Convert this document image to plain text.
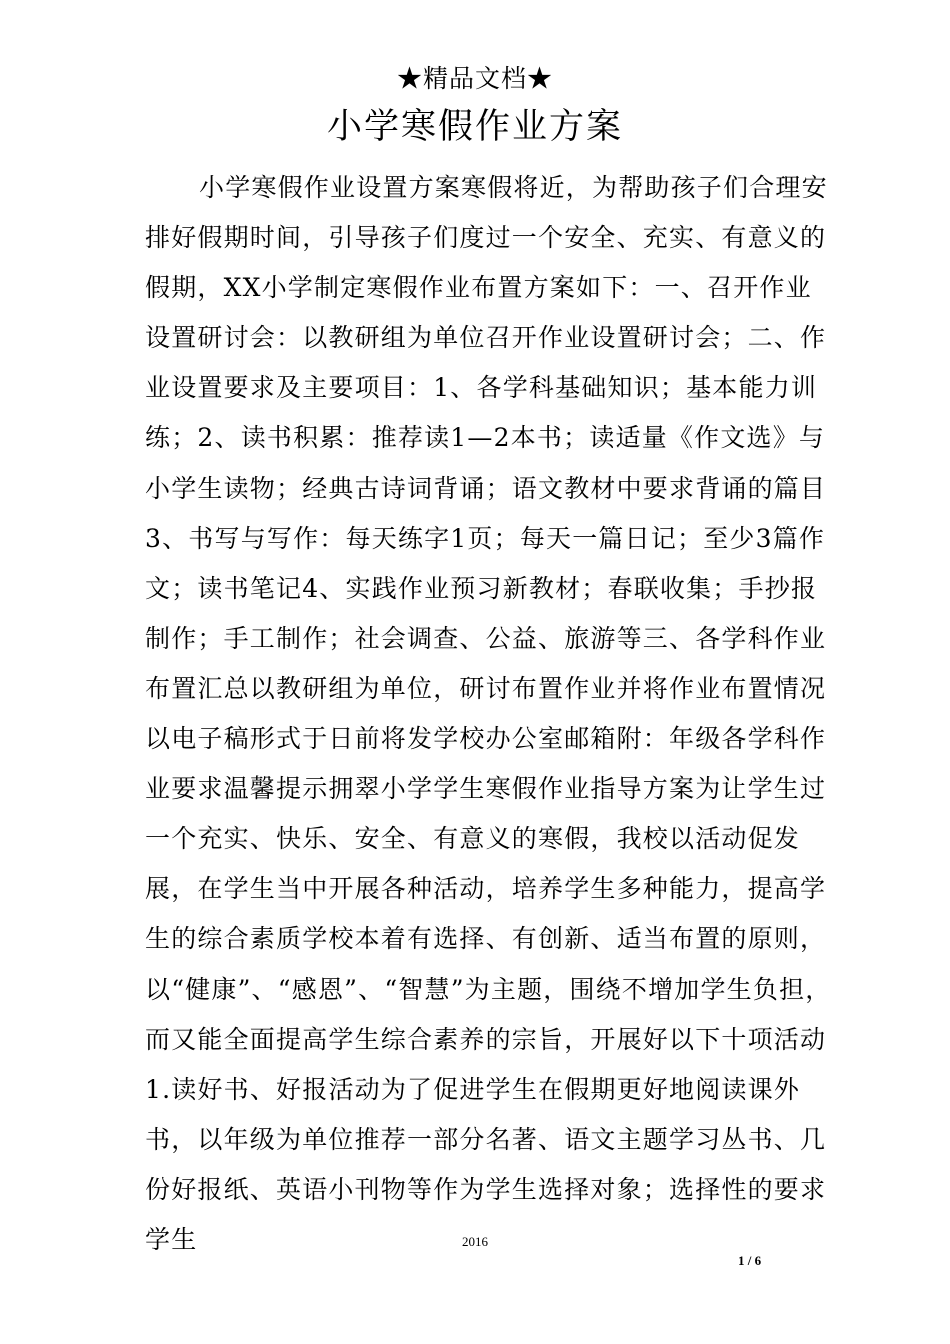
★精品文档★
小学寒假作业方案

小学寒假作业设置方案寒假将近，为帮助孩子们合理安排好假期时间，引导孩子们度过一个安全、充实、有意义的假期，XX小学制定寒假作业布置方案如下：一、召开作业设置研讨会：以教研组为单位召开作业设置研讨会；二、作业设置要求及主要项目：1、各学科基础知识；基本能力训练；2、读书积累：推荐读1—2本书；读适量《作文选》与小学生读物；经典古诗词背诵；语文教材中要求背诵的篇目3、书写与写作：每天练字1页；每天一篇日记；至少3篇作文；读书笔记4、实践作业预习新教材；春联收集；手抄报制作；手工制作；社会调查、公益、旅游等三、各学科作业布置汇总以教研组为单位，研讨布置作业并将作业布置情况以电子稿形式于日前将发学校办公室邮箱附：年级各学科作业要求温馨提示拥翠小学学生寒假作业指导方案为让学生过一个充实、快乐、安全、有意义的寒假，我校以活动促发展，在学生当中开展各种活动，培养学生多种能力，提高学生的综合素质学校本着有选择、有创新、适当布置的原则，以“健康”、“感恩”、“智慧”为主题，围绕不增加学生负担，而又能全面提高学生综合素养的宗旨，开展好以下十项活动 1.读好书、好报活动为了促进学生在假期更好地阅读课外书，以年级为单位推荐一部分名著、语文主题学习丛书、几份好报纸、英语小刊物等作为学生选择对象；选择性的要求学生	2016
1 / 6
